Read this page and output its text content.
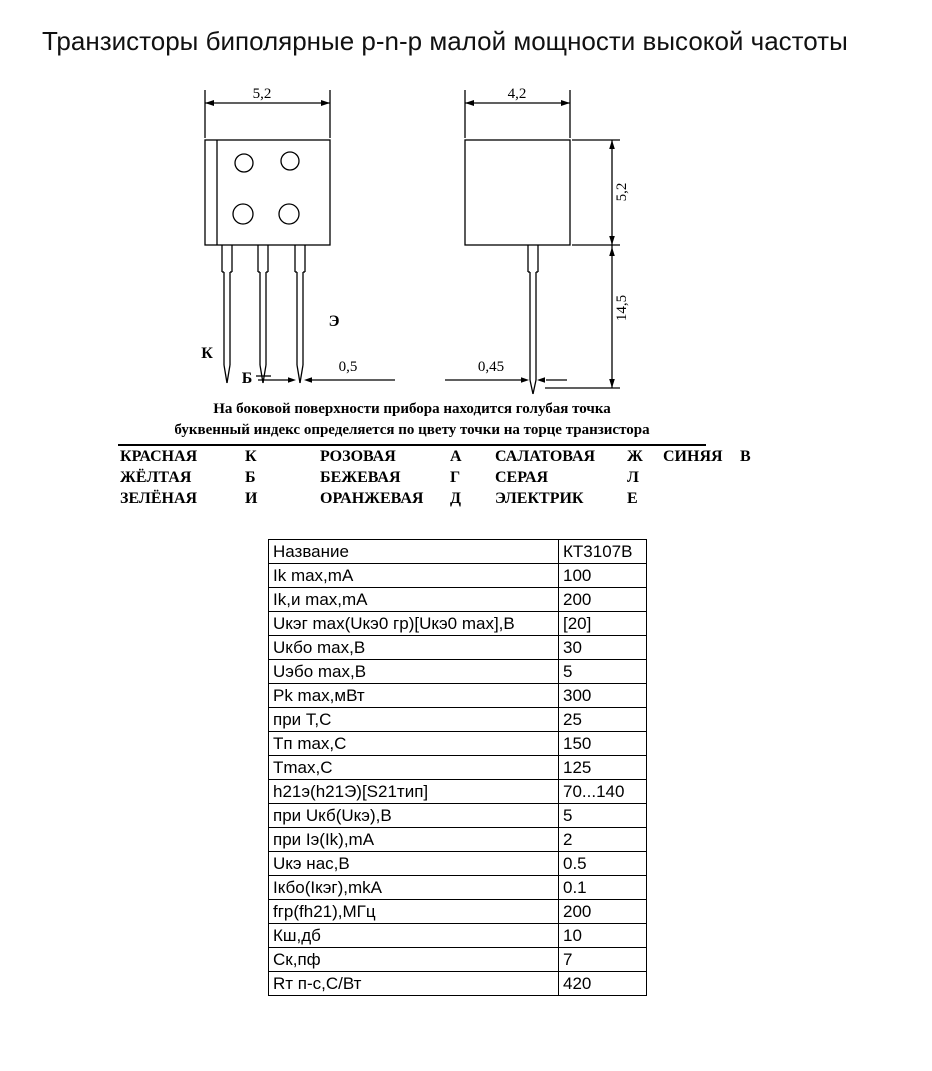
Транзисторы биполярные p-n-p малой мощности высокой частоты
5,2
0,5
Э
К
Б
4,2
5,2
14,5
0,45
На боковой поверхности прибора находится голубая точка
буквенный индекс определяется по цвету точки на торце транзистора
КРАСНАЯ	К	РОЗОВАЯ	А	САЛАТОВАЯ	Ж	СИНЯЯ	В
ЖЁЛТАЯ	Б	БЕЖЕВАЯ	Г	СЕРАЯ	Л		
ЗЕЛЁНАЯ	И	ОРАНЖЕВАЯ	Д	ЭЛЕКТРИК	Е		
Название	КТ3107В
Ik max,mA	100
Ik,и max,mA	200
Uкэг max(Uкэ0 гр)[Uкэ0 max],В	[20]
Uкбо max,В	30
Uэбо max,В	5
Pk max,мВт	300
при T,C	25
Tп max,C	150
Tmax,C	125
h21э(h21Э)[S21тип]	70...140
при Uкб(Uкэ),В	5
при Iэ(Ik),mA	2
Uкэ нас,В	0.5
Iкбо(Iкэг),mkA	0.1
fгр(fh21),МГц	200
Кш,дб	10
Ск,пф	7
Rт п-с,С/Вт	420
